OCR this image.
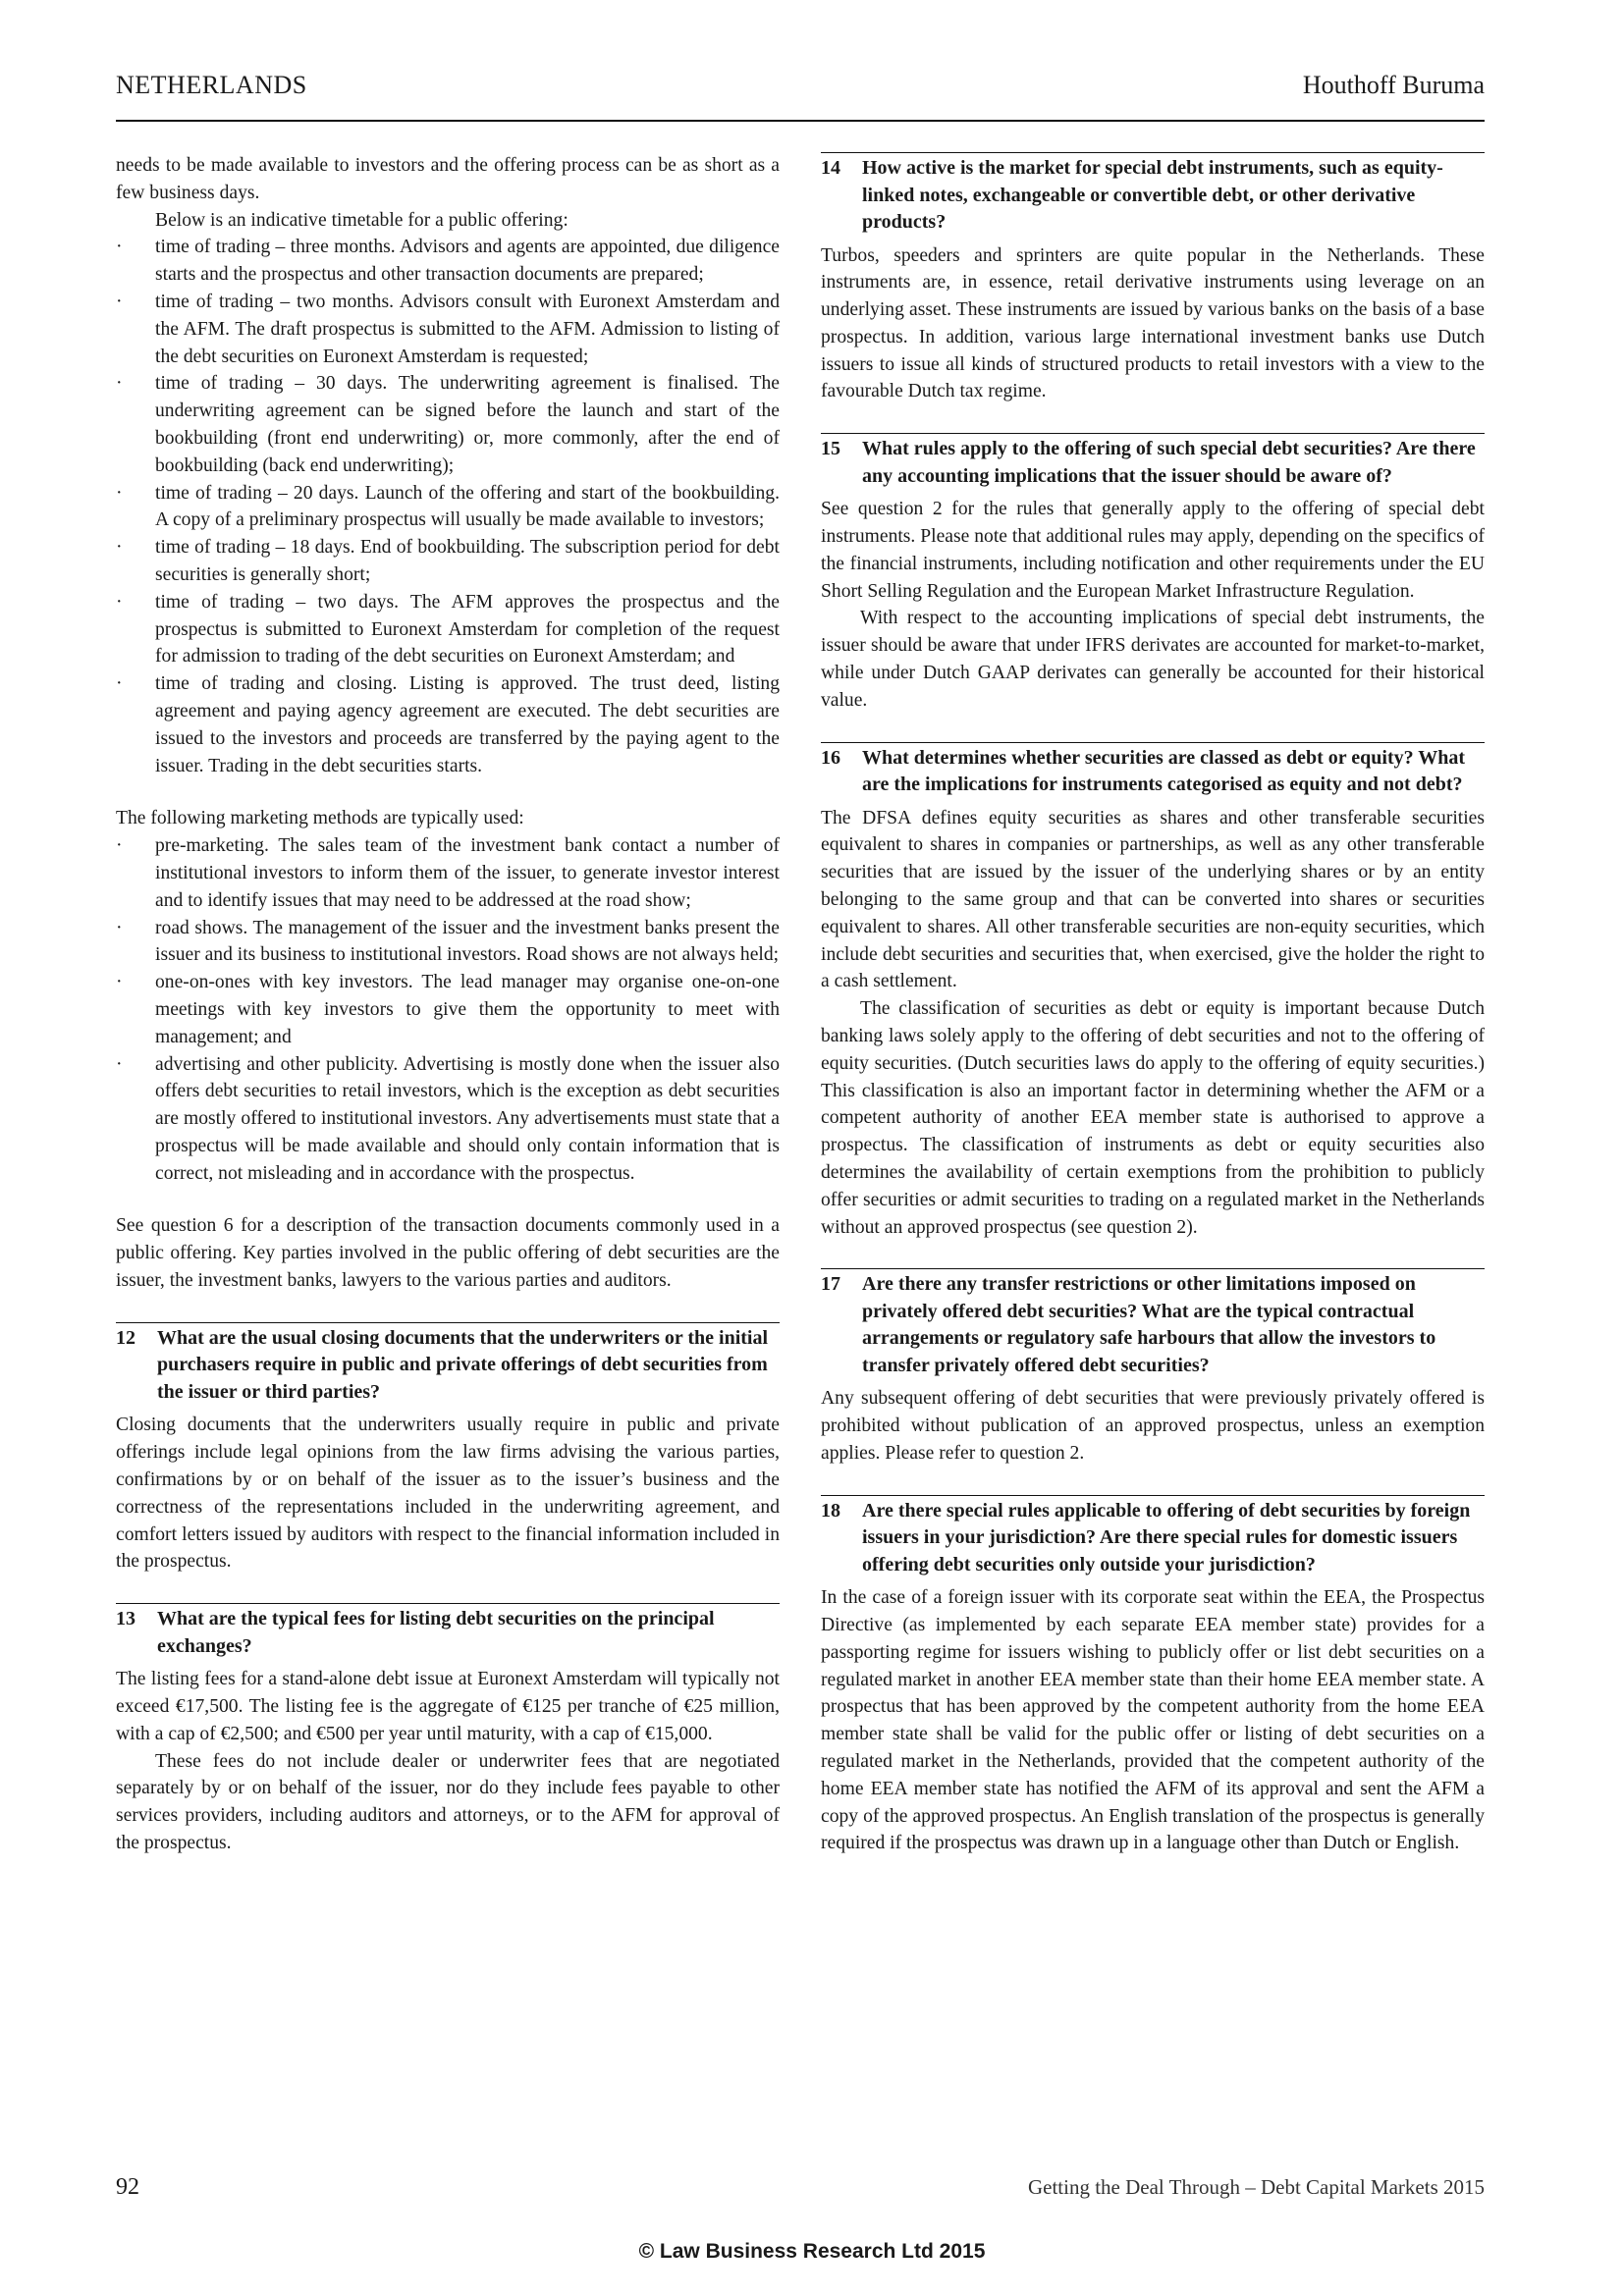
NETHERLANDS	Houthoff Buruma

needs to be made available to investors and the offering process can be as short as a few business days.

Below is an indicative timetable for a public offering:

· time of trading – three months. Advisors and agents are appointed, due diligence starts and the prospectus and other transaction documents are prepared;
· time of trading – two months. Advisors consult with Euronext Amsterdam and the AFM. The draft prospectus is submitted to the AFM. Admission to listing of the debt securities on Euronext Amsterdam is requested;
· time of trading – 30 days. The underwriting agreement is finalised. The underwriting agreement can be signed before the launch and start of the bookbuilding (front end underwriting) or, more commonly, after the end of bookbuilding (back end underwriting);
· time of trading – 20 days. Launch of the offering and start of the bookbuilding. A copy of a preliminary prospectus will usually be made available to investors;
· time of trading – 18 days. End of bookbuilding. The subscription period for debt securities is generally short;
· time of trading – two days. The AFM approves the prospectus and the prospectus is submitted to Euronext Amsterdam for completion of the request for admission to trading of the debt securities on Euronext Amsterdam; and
· time of trading and closing. Listing is approved. The trust deed, listing agreement and paying agency agreement are executed. The debt securities are issued to the investors and proceeds are transferred by the paying agent to the issuer. Trading in the debt securities starts.

The following marketing methods are typically used:

· pre-marketing. The sales team of the investment bank contact a number of institutional investors to inform them of the issuer, to generate investor interest and to identify issues that may need to be addressed at the road show;
· road shows. The management of the issuer and the investment banks present the issuer and its business to institutional investors. Road shows are not always held;
· one-on-ones with key investors. The lead manager may organise one-on-one meetings with key investors to give them the opportunity to meet with management; and
· advertising and other publicity. Advertising is mostly done when the issuer also offers debt securities to retail investors, which is the exception as debt securities are mostly offered to institutional investors. Any advertisements must state that a prospectus will be made available and should only contain information that is correct, not misleading and in accordance with the prospectus.

See question 6 for a description of the transaction documents commonly used in a public offering. Key parties involved in the public offering of debt securities are the issuer, the investment banks, lawyers to the various parties and auditors.

12 What are the usual closing documents that the underwriters or the initial purchasers require in public and private offerings of debt securities from the issuer or third parties?

Closing documents that the underwriters usually require in public and private offerings include legal opinions from the law firms advising the various parties, confirmations by or on behalf of the issuer as to the issuer’s business and the correctness of the representations included in the underwriting agreement, and comfort letters issued by auditors with respect to the financial information included in the prospectus.

13 What are the typical fees for listing debt securities on the principal exchanges?

The listing fees for a stand-alone debt issue at Euronext Amsterdam will typically not exceed €17,500. The listing fee is the aggregate of €125 per tranche of €25 million, with a cap of €2,500; and €500 per year until maturity, with a cap of €15,000.

These fees do not include dealer or underwriter fees that are negotiated separately by or on behalf of the issuer, nor do they include fees payable to other services providers, including auditors and attorneys, or to the AFM for approval of the prospectus.

14 How active is the market for special debt instruments, such as equity-linked notes, exchangeable or convertible debt, or other derivative products?

Turbos, speeders and sprinters are quite popular in the Netherlands. These instruments are, in essence, retail derivative instruments using leverage on an underlying asset. These instruments are issued by various banks on the basis of a base prospectus. In addition, various large international investment banks use Dutch issuers to issue all kinds of structured products to retail investors with a view to the favourable Dutch tax regime.

15 What rules apply to the offering of such special debt securities? Are there any accounting implications that the issuer should be aware of?

See question 2 for the rules that generally apply to the offering of special debt instruments. Please note that additional rules may apply, depending on the specifics of the financial instruments, including notification and other requirements under the EU Short Selling Regulation and the European Market Infrastructure Regulation.

With respect to the accounting implications of special debt instruments, the issuer should be aware that under IFRS derivates are accounted for market-to-market, while under Dutch GAAP derivates can generally be accounted for their historical value.

16 What determines whether securities are classed as debt or equity? What are the implications for instruments categorised as equity and not debt?

The DFSA defines equity securities as shares and other transferable securities equivalent to shares in companies or partnerships, as well as any other transferable securities that are issued by the issuer of the underlying shares or by an entity belonging to the same group and that can be converted into shares or securities equivalent to shares. All other transferable securities are non-equity securities, which include debt securities and securities that, when exercised, give the holder the right to a cash settlement.

The classification of securities as debt or equity is important because Dutch banking laws solely apply to the offering of debt securities and not to the offering of equity securities. (Dutch securities laws do apply to the offering of equity securities.) This classification is also an important factor in determining whether the AFM or a competent authority of another EEA member state is authorised to approve a prospectus. The classification of instruments as debt or equity securities also determines the availability of certain exemptions from the prohibition to publicly offer securities or admit securities to trading on a regulated market in the Netherlands without an approved prospectus (see question 2).

17 Are there any transfer restrictions or other limitations imposed on privately offered debt securities? What are the typical contractual arrangements or regulatory safe harbours that allow the investors to transfer privately offered debt securities?

Any subsequent offering of debt securities that were previously privately offered is prohibited without publication of an approved prospectus, unless an exemption applies. Please refer to question 2.

18 Are there special rules applicable to offering of debt securities by foreign issuers in your jurisdiction? Are there special rules for domestic issuers offering debt securities only outside your jurisdiction?

In the case of a foreign issuer with its corporate seat within the EEA, the Prospectus Directive (as implemented by each separate EEA member state) provides for a passporting regime for issuers wishing to publicly offer or list debt securities on a regulated market in another EEA member state than their home EEA member state. A prospectus that has been approved by the competent authority from the home EEA member state shall be valid for the public offer or listing of debt securities on a regulated market in the Netherlands, provided that the competent authority of the home EEA member state has notified the AFM of its approval and sent the AFM a copy of the approved prospectus. An English translation of the prospectus is generally required if the prospectus was drawn up in a language other than Dutch or English.

92	Getting the Deal Through – Debt Capital Markets 2015
© Law Business Research Ltd 2015
